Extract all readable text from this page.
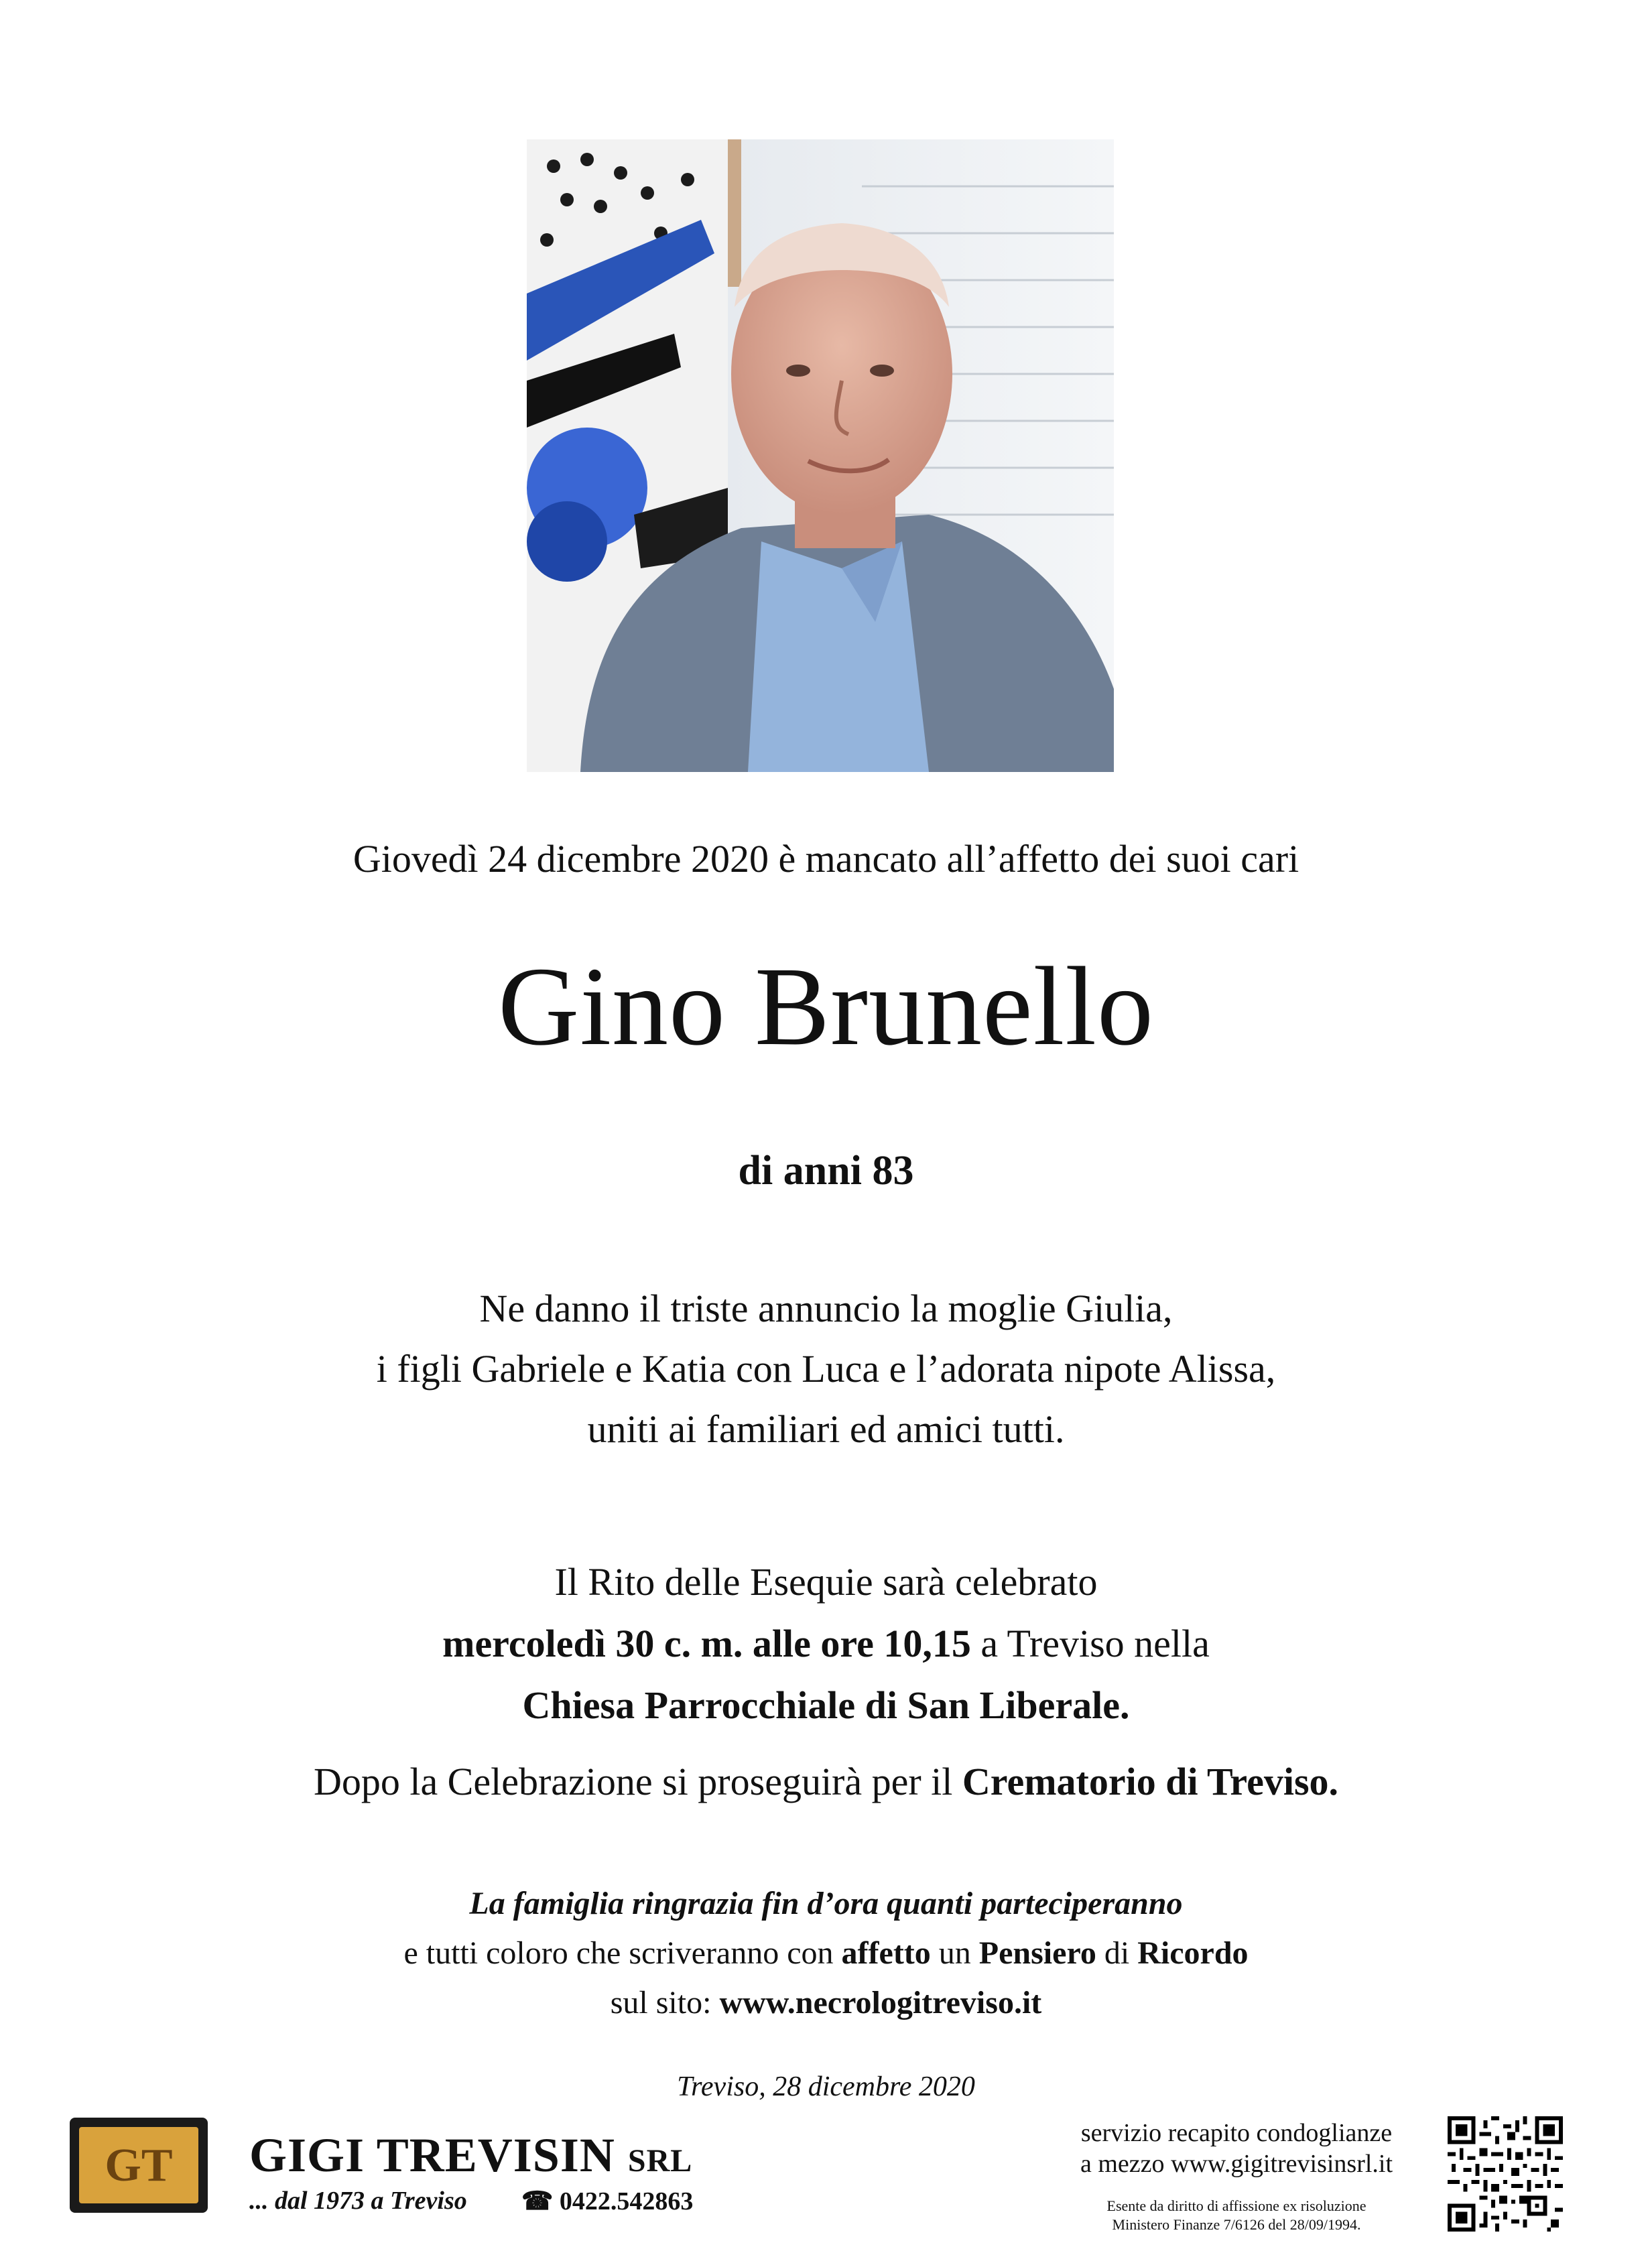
Giovedì 24 dicembre 2020 è mancato all’affetto dei suoi cari
Gino Brunello
di anni 83
Ne danno il triste annuncio la moglie Giulia,
i figli Gabriele e Katia con Luca e l’adorata nipote Alissa,
uniti ai familiari ed amici tutti.
Il Rito delle Esequie sarà celebrato
mercoledì 30 c. m. alle ore 10,15 a Treviso nella
Chiesa Parrocchiale di San Liberale.
Dopo la Celebrazione si proseguirà per il Crematorio di Treviso.
La famiglia ringrazia fin d’ora quanti parteciperanno
e tutti coloro che scriveranno con affetto un Pensiero di Ricordo
sul sito: www.necrologitreviso.it
Treviso, 28 dicembre 2020
GT	GIGI TREVISIN SRL
... dal 1973 a Treviso ☎ 0422.542863
servizio recapito condoglianze
a mezzo www.gigitrevisinsrl.it
Esente da diritto di affissione ex risoluzione
Ministero Finanze 7/6126 del 28/09/1994.
